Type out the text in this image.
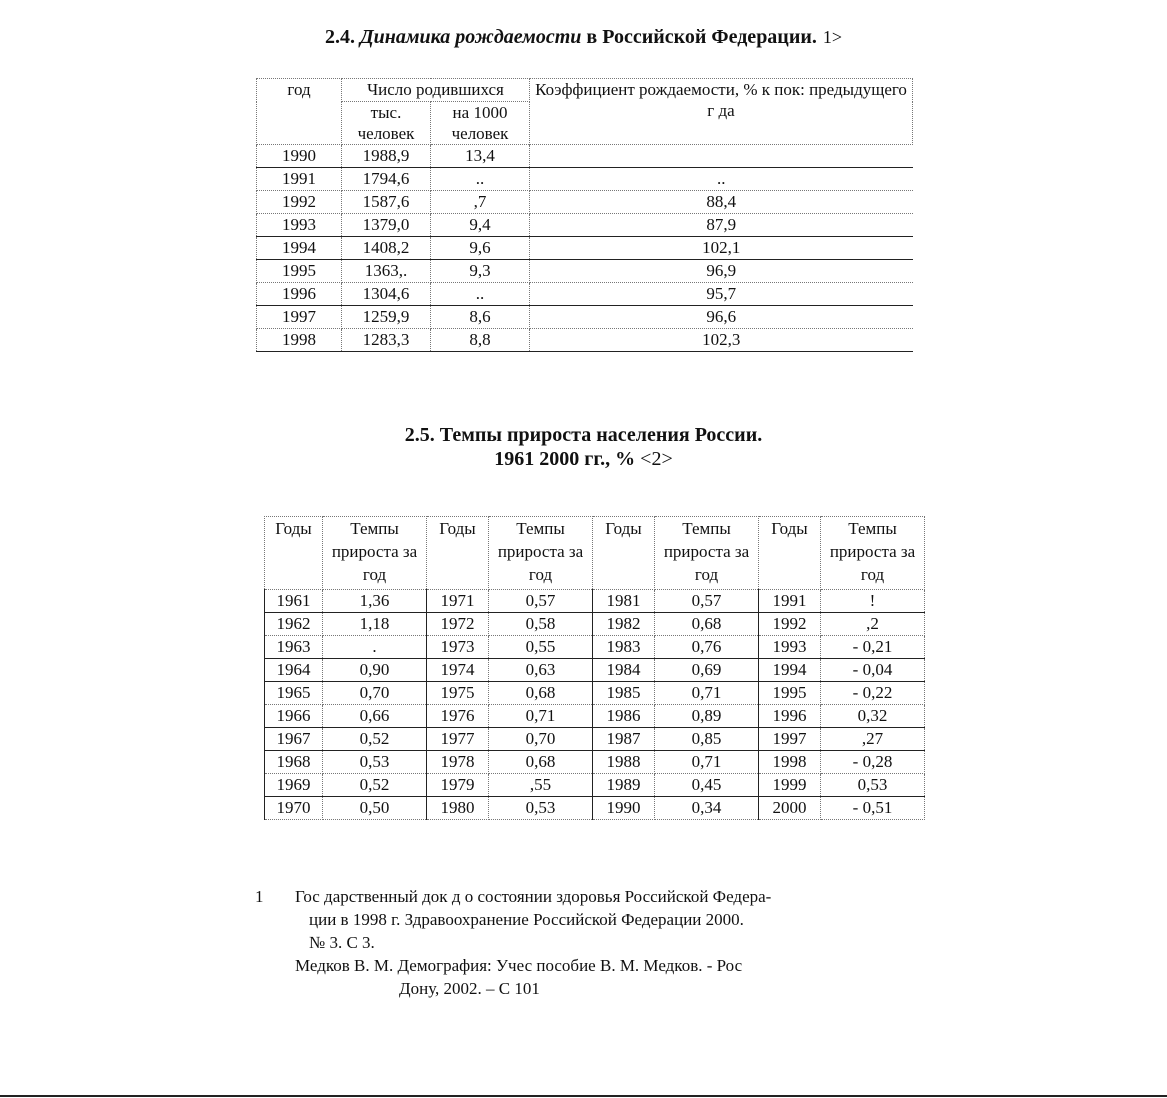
2.4. Динамика рождаемости в Российской Федерации. 1>
год	Число родившихся		Коэффициент рождаемости, % к пок: предыдущего г да
	тыс. человек	на 1000 человек	
1990	1988,9	13,4	
1991	1794,6	..	..
1992	1587,6	,7	88,4
1993	1379,0	9,4	87,9
1994	1408,2	9,6	102,1
1995	1363,.	9,3	96,9
1996	1304,6	..	95,7
1997	1259,9	8,6	96,6
1998	1283,3	8,8	102,3
2.5. Темпы прироста населения России.
1961 2000 гг., % <2>
Годы	Темпы прироста за год	Годы	Темпы прироста за год	Годы	Темпы прироста за год	Годы	Темпы прироста за год
1961	1,36	1971	0,57	1981	0,57	1991	!
1962	1,18	1972	0,58	1982	0,68	1992	,2
1963	.	1973	0,55	1983	0,76	1993	- 0,21
1964	0,90	1974	0,63	1984	0,69	1994	- 0,04
1965	0,70	1975	0,68	1985	0,71	1995	- 0,22
1966	0,66	1976	0,71	1986	0,89	1996	0,32
1967	0,52	1977	0,70	1987	0,85	1997	,27
1968	0,53	1978	0,68	1988	0,71	1998	- 0,28
1969	0,52	1979	,55	1989	0,45	1999	0,53
1970	0,50	1980	0,53	1990	0,34	2000	- 0,51
1 Гос дарственный док д о состоянии здоровья Российской Федера-
ции в 1998 г. Здравоохранение Российской Федерации 2000.
№ 3. С 3.
Медков В. М. Демография: Учес пособие В. М. Медков. - Рос
Дону, 2002. – С 101
